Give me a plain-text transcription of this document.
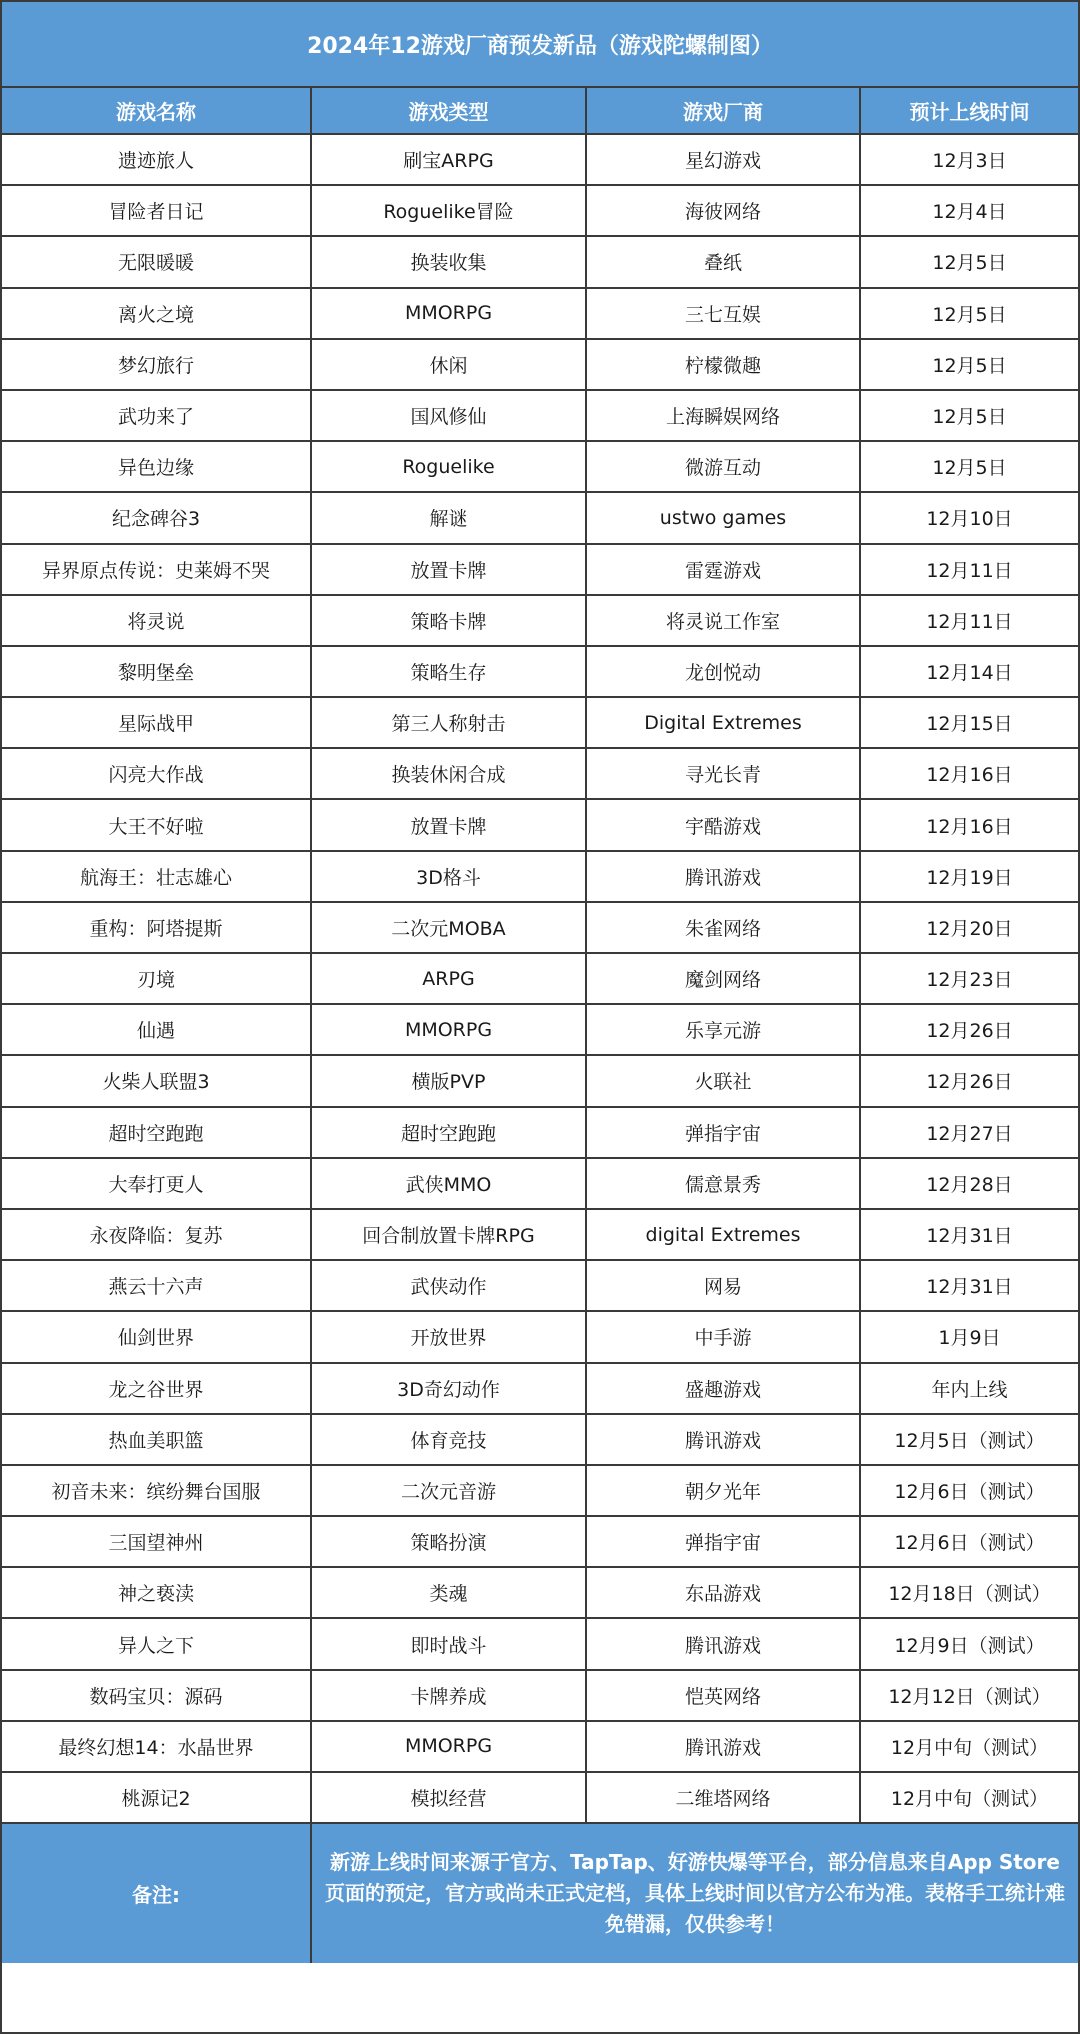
2024年12游戏厂商预发新品（游戏陀螺制图）
游戏名称	游戏类型	游戏厂商	预计上线时间
遗迹旅人	刷宝ARPG	星幻游戏	12月3日
冒险者日记	Roguelike冒险	海彼网络	12月4日
无限暖暖	换装收集	叠纸	12月5日
离火之境	MMORPG	三七互娱	12月5日
梦幻旅行	休闲	柠檬微趣	12月5日
武功来了	国风修仙	上海瞬娱网络	12月5日
异色边缘	Roguelike	微游互动	12月5日
纪念碑谷3	解谜	ustwo games	12月10日
异界原点传说：史莱姆不哭	放置卡牌	雷霆游戏	12月11日
将灵说	策略卡牌	将灵说工作室	12月11日
黎明堡垒	策略生存	龙创悦动	12月14日
星际战甲	第三人称射击	Digital Extremes	12月15日
闪亮大作战	换装休闲合成	寻光长青	12月16日
大王不好啦	放置卡牌	宇酷游戏	12月16日
航海王：壮志雄心	3D格斗	腾讯游戏	12月19日
重构：阿塔提斯	二次元MOBA	朱雀网络	12月20日
刃境	ARPG	魔剑网络	12月23日
仙遇	MMORPG	乐享元游	12月26日
火柴人联盟3	横版PVP	火联社	12月26日
超时空跑跑	超时空跑跑	弹指宇宙	12月27日
大奉打更人	武侠MMO	儒意景秀	12月28日
永夜降临：复苏	回合制放置卡牌RPG	digital Extremes	12月31日
燕云十六声	武侠动作	网易	12月31日
仙剑世界	开放世界	中手游	1月9日
龙之谷世界	3D奇幻动作	盛趣游戏	年内上线
热血美职篮	体育竞技	腾讯游戏	12月5日（测试）
初音未来：缤纷舞台国服	二次元音游	朝夕光年	12月6日（测试）
三国望神州	策略扮演	弹指宇宙	12月6日（测试）
神之亵渎	类魂	东品游戏	12月18日（测试）
异人之下	即时战斗	腾讯游戏	12月9日（测试）
数码宝贝：源码	卡牌养成	恺英网络	12月12日（测试）
最终幻想14：水晶世界	MMORPG	腾讯游戏	12月中旬（测试）
桃源记2	模拟经营	二维塔网络	12月中旬（测试）
备注:	新游上线时间来源于官方、TapTap、好游快爆等平台，部分信息来自App Store页面的预定，官方或尚未正式定档，具体上线时间以官方公布为准。表格手工统计难免错漏，仅供参考！		
